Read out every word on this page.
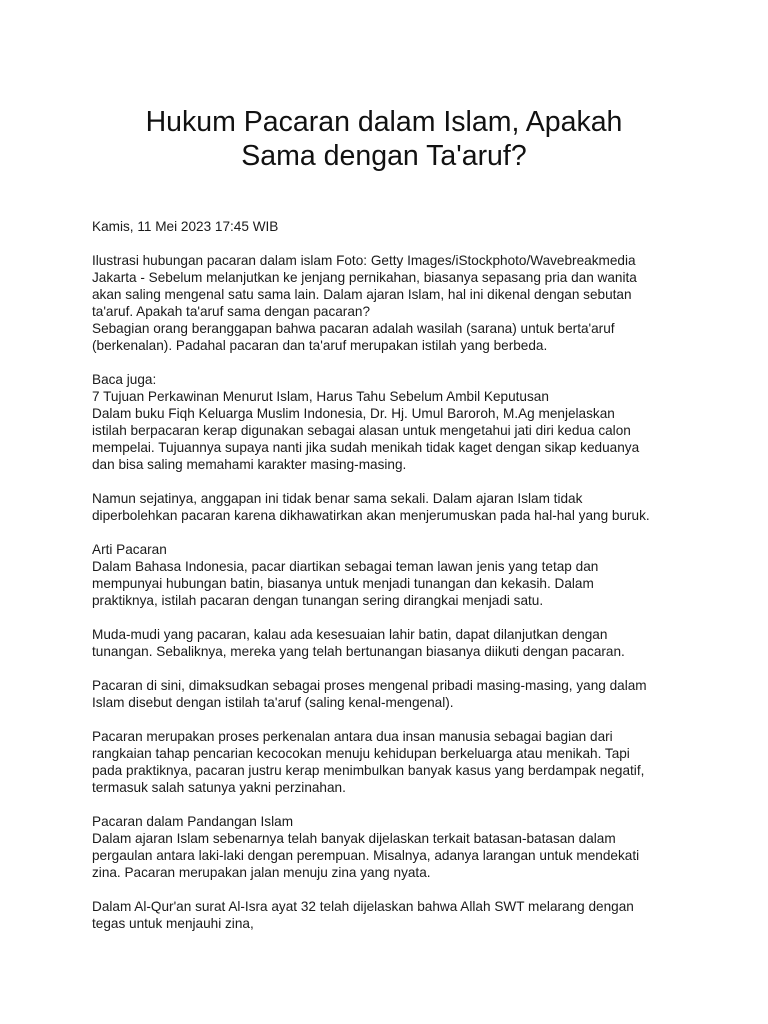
Hukum Pacaran dalam Islam, Apakah
Sama dengan Ta'aruf?
Kamis, 11 Mei 2023 17:45 WIB
Ilustrasi hubungan pacaran dalam islam Foto: Getty Images/iStockphoto/Wavebreakmedia
Jakarta - Sebelum melanjutkan ke jenjang pernikahan, biasanya sepasang pria dan wanita
akan saling mengenal satu sama lain. Dalam ajaran Islam, hal ini dikenal dengan sebutan
ta'aruf. Apakah ta'aruf sama dengan pacaran?
Sebagian orang beranggapan bahwa pacaran adalah wasilah (sarana) untuk berta'aruf
(berkenalan). Padahal pacaran dan ta'aruf merupakan istilah yang berbeda.
Baca juga:
7 Tujuan Perkawinan Menurut Islam, Harus Tahu Sebelum Ambil Keputusan
Dalam buku Fiqh Keluarga Muslim Indonesia, Dr. Hj. Umul Baroroh, M.Ag menjelaskan
istilah berpacaran kerap digunakan sebagai alasan untuk mengetahui jati diri kedua calon
mempelai. Tujuannya supaya nanti jika sudah menikah tidak kaget dengan sikap keduanya
dan bisa saling memahami karakter masing-masing.
Namun sejatinya, anggapan ini tidak benar sama sekali. Dalam ajaran Islam tidak
diperbolehkan pacaran karena dikhawatirkan akan menjerumuskan pada hal-hal yang buruk.
Arti Pacaran
Dalam Bahasa Indonesia, pacar diartikan sebagai teman lawan jenis yang tetap dan
mempunyai hubungan batin, biasanya untuk menjadi tunangan dan kekasih. Dalam
praktiknya, istilah pacaran dengan tunangan sering dirangkai menjadi satu.
Muda-mudi yang pacaran, kalau ada kesesuaian lahir batin, dapat dilanjutkan dengan
tunangan. Sebaliknya, mereka yang telah bertunangan biasanya diikuti dengan pacaran.
Pacaran di sini, dimaksudkan sebagai proses mengenal pribadi masing-masing, yang dalam
Islam disebut dengan istilah ta'aruf (saling kenal-mengenal).
Pacaran merupakan proses perkenalan antara dua insan manusia sebagai bagian dari
rangkaian tahap pencarian kecocokan menuju kehidupan berkeluarga atau menikah. Tapi
pada praktiknya, pacaran justru kerap menimbulkan banyak kasus yang berdampak negatif,
termasuk salah satunya yakni perzinahan.
Pacaran dalam Pandangan Islam
Dalam ajaran Islam sebenarnya telah banyak dijelaskan terkait batasan-batasan dalam
pergaulan antara laki-laki dengan perempuan. Misalnya, adanya larangan untuk mendekati
zina. Pacaran merupakan jalan menuju zina yang nyata.
Dalam Al-Qur'an surat Al-Isra ayat 32 telah dijelaskan bahwa Allah SWT melarang dengan
tegas untuk menjauhi zina,
